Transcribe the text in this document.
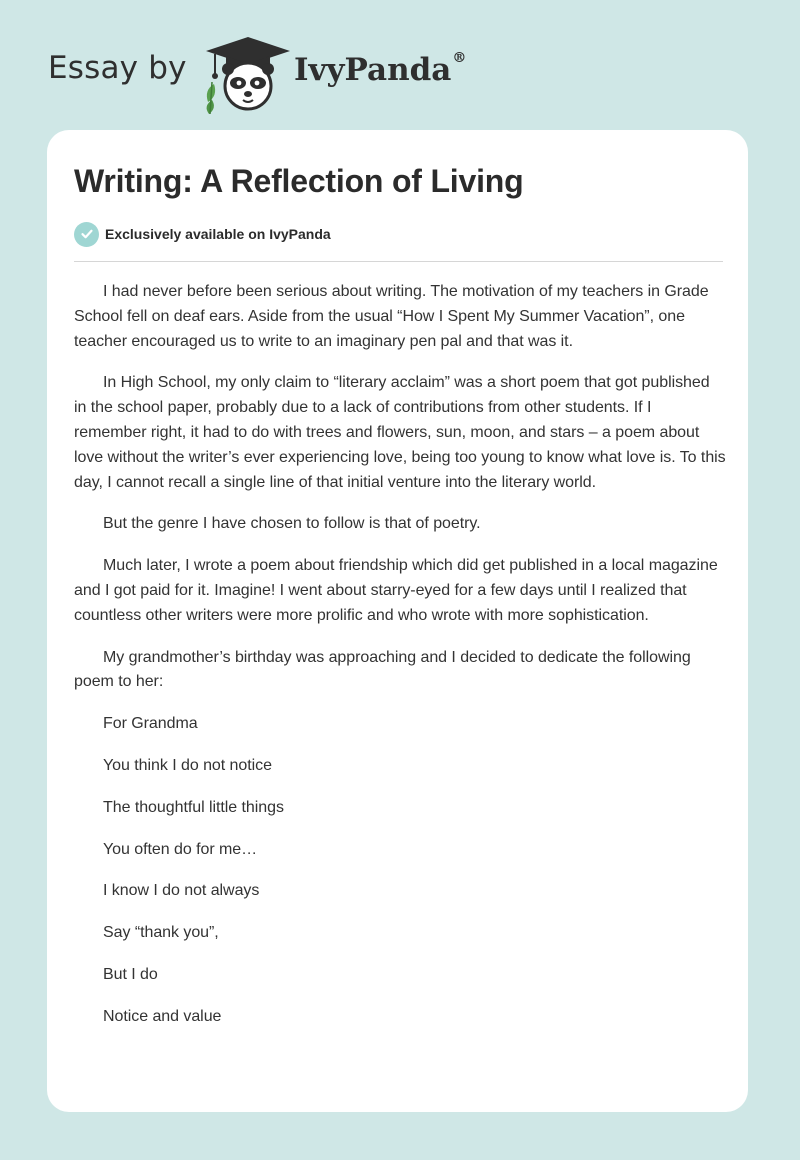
Essay by	IvyPanda®
Writing: A Reflection of Living
Exclusively available on IvyPanda

I had never before been serious about writing. The motivation of my teachers in Grade School fell on deaf ears. Aside from the usual “How I Spent My Summer Vacation”, one teacher encouraged us to write to an imaginary pen pal and that was it.

In High School, my only claim to “literary acclaim” was a short poem that got published in the school paper, probably due to a lack of contributions from other students. If I remember right, it had to do with trees and flowers, sun, moon, and stars – a poem about love without the writer’s ever experiencing love, being too young to know what love is. To this day, I cannot recall a single line of that initial venture into the literary world.

But the genre I have chosen to follow is that of poetry.

Much later, I wrote a poem about friendship which did get published in a local magazine and I got paid for it. Imagine! I went about starry-eyed for a few days until I realized that countless other writers were more prolific and who wrote with more sophistication.

My grandmother’s birthday was approaching and I decided to dedicate the following poem to her:

For Grandma

You think I do not notice

The thoughtful little things

You often do for me…

I know I do not always

Say “thank you”,

But I do

Notice and value
